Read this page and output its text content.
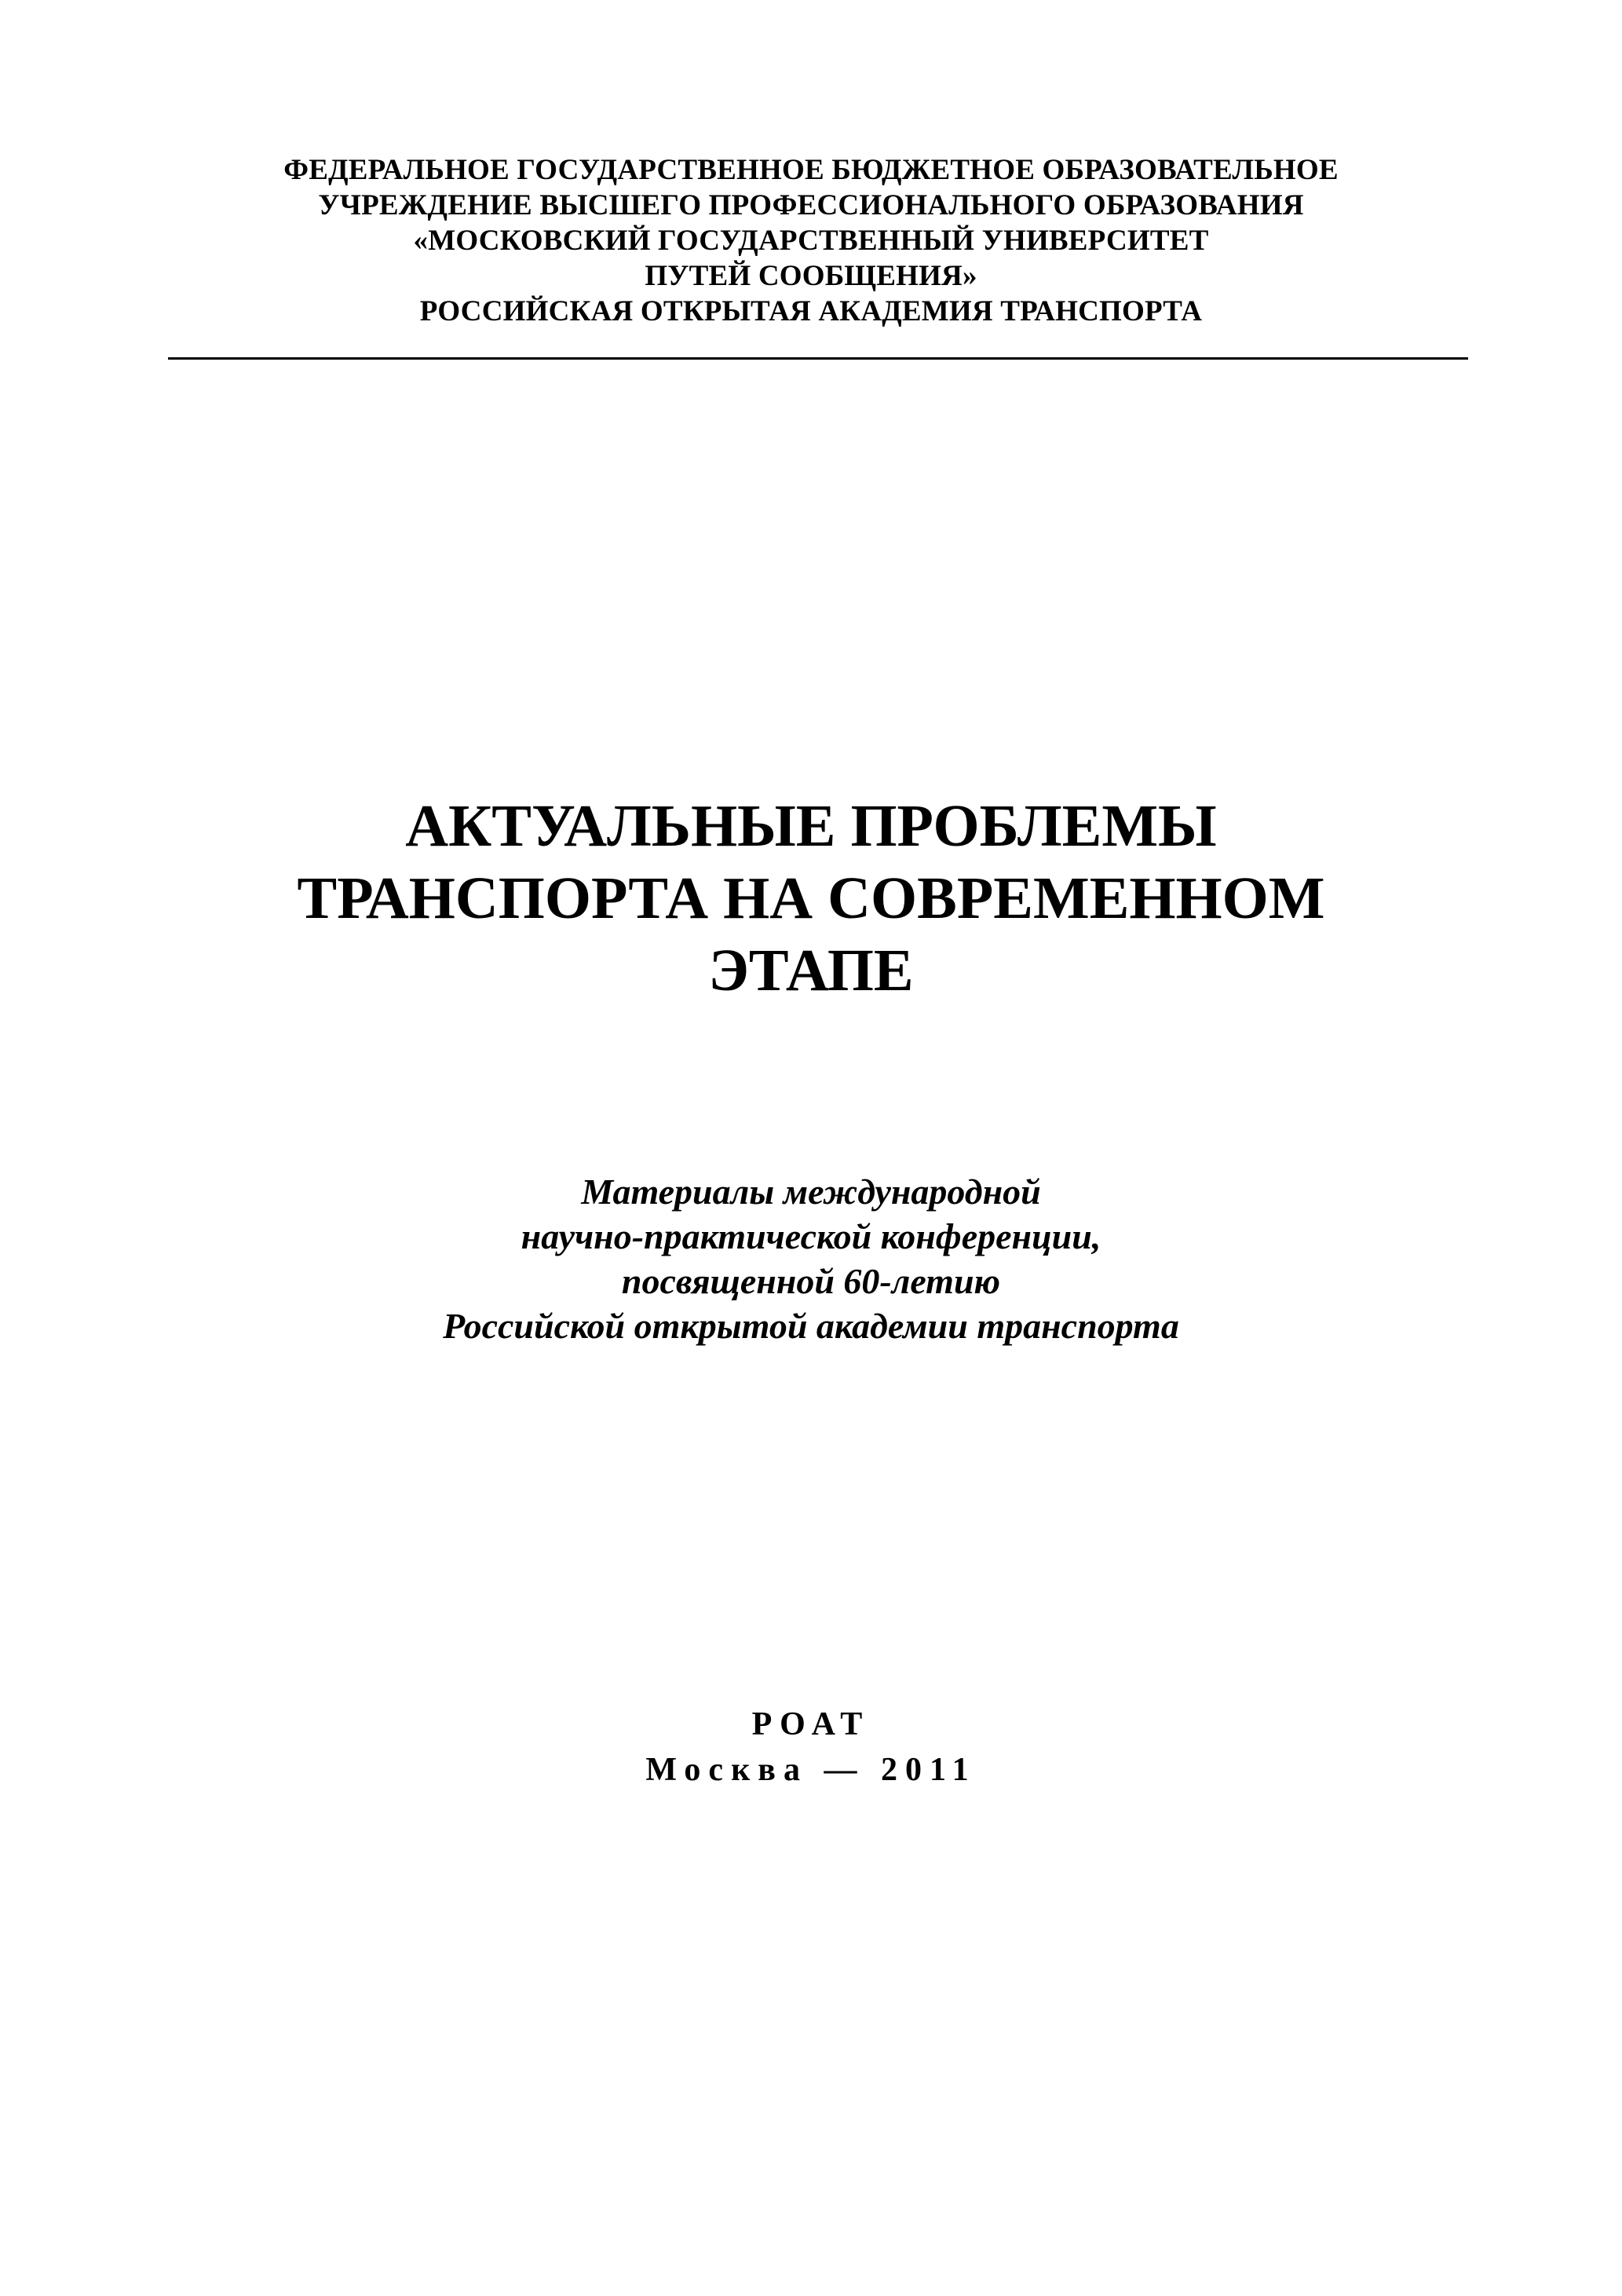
ФЕДЕРАЛЬНОЕ ГОСУДАРСТВЕННОЕ БЮДЖЕТНОЕ ОБРАЗОВАТЕЛЬНОЕ
УЧРЕЖДЕНИЕ ВЫСШЕГО ПРОФЕССИОНАЛЬНОГО ОБРАЗОВАНИЯ
«МОСКОВСКИЙ ГОСУДАРСТВЕННЫЙ УНИВЕРСИТЕТ
ПУТЕЙ СООБЩЕНИЯ»
РОССИЙСКАЯ ОТКРЫТАЯ АКАДЕМИЯ ТРАНСПОРТА
АКТУАЛЬНЫЕ ПРОБЛЕМЫ
ТРАНСПОРТА НА СОВРЕМЕННОМ
ЭТАПЕ
Материалы международной
научно-практической конференции,
посвященной 60-летию
Российской открытой академии транспорта
РОАТ
Москва — 2011
